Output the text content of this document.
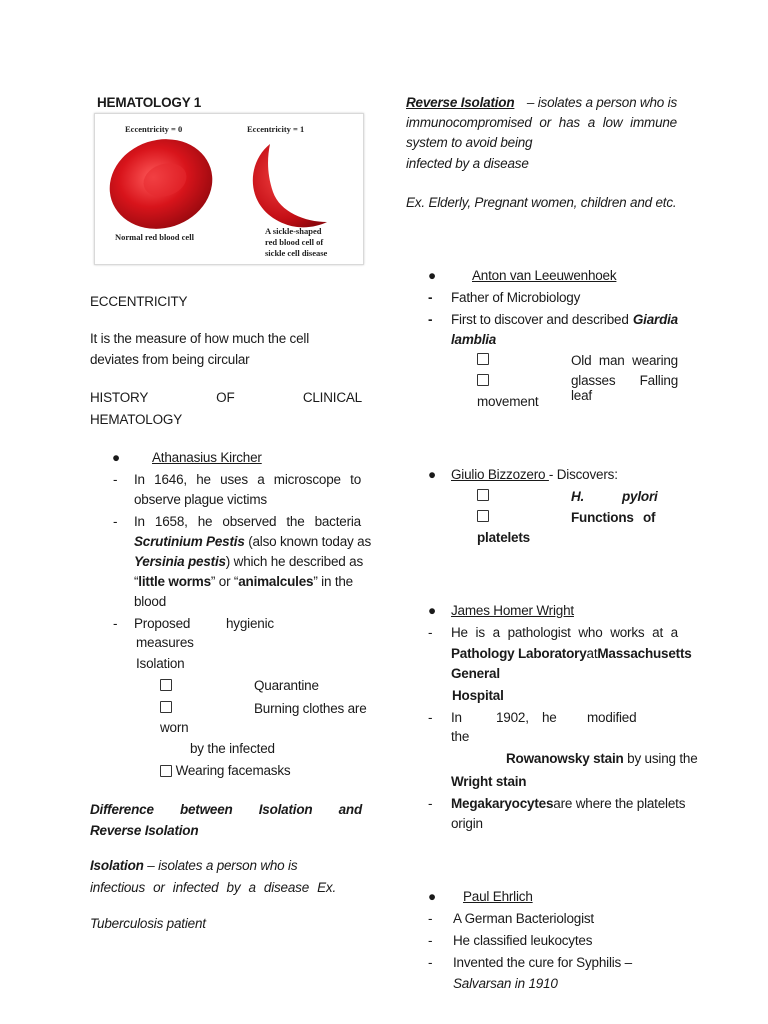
HEMATOLOGY 1
Eccentricity = 0	Eccentricity = 1
Normal red blood cell
A sickle-shaped
red blood cell of
sickle cell disease
ECCENTRICITY
It is the measure of how much the cell
deviates from being circular
HISTORY OF CLINICAL
HEMATOLOGY
● Athanasius Kircher
- In 1646, he uses a microscope to
observe plague victims
- In 1658, he observed the bacteria
Scrutinium Pestis (also known today as
Yersinia pestis) which he described as
“little worms” or “animalcules” in the
blood
- Proposed	hygienic
measures
Isolation
Quarantine
Burning clothes are
worn
by the infected
Wearing facemasks
Difference between Isolation and
Reverse Isolation
Isolation – isolates a person who is
infectious or infected by a disease Ex.
Tuberculosis patient
Reverse Isolation – isolates a person who is
immunocompromised or has a low immune
system to avoid being
infected by a disease
Ex. Elderly, Pregnant women, children and etc.
●	Anton van Leeuwenhoek
- Father of Microbiology
- First to discover and described Giardia
lamblia
Old man wearing
glasses Falling leaf
movement
● Giulio Bizzozero - Discovers:
H.	pylori
Functions of
platelets
● James Homer Wright
- He is a pathologist who works at a
Pathology Laboratory at Massachusetts
General
Hospital
- In	1902, he modified
the
Rowanowsky stain by using the
Wright stain
- Megakaryocytes are where the platelets
origin
● Paul Ehrlich
- A German Bacteriologist
- He classified leukocytes
- Invented the cure for Syphilis –
Salvarsan in 1910
